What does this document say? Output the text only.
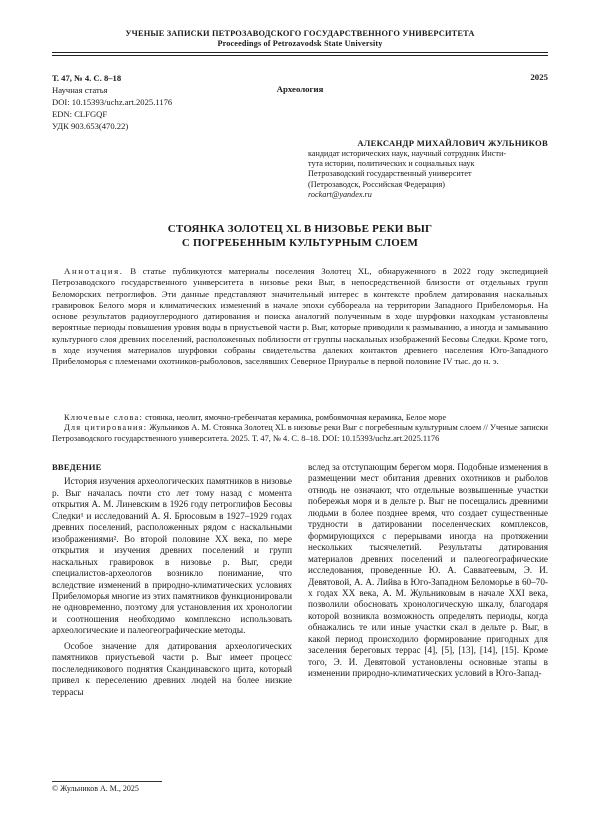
УЧЕНЫЕ ЗАПИСКИ ПЕТРОЗАВОДСКОГО ГОСУДАРСТВЕННОГО УНИВЕРСИТЕТА
Proceedings of Petrozavodsk State University
Т. 47, № 4. С. 8–18
Научная статья
DOI: 10.15393/uchz.art.2025.1176
EDN: CLFGQF
УДК 903.653(470.22)
Археология
2025
АЛЕКСАНДР МИХАЙЛОВИЧ ЖУЛЬНИКОВ
кандидат исторических наук, научный сотрудник Инсти-
тута истории, политических и социальных наук
Петрозаводский государственный университет
(Петрозаводск, Российская Федерация)
rockart@yandex.ru
СТОЯНКА ЗОЛОТЕЦ XL В НИЗОВЬЕ РЕКИ ВЫГ
С ПОГРЕБЕННЫМ КУЛЬТУРНЫМ СЛОЕМ

Аннотация. В статье публикуются материалы поселения Золотец XL, обнаруженного в 2022 году экспедицией Петрозаводского государственного университета в низовье реки Выг, в непосредственной близости от отдельных групп Беломорских петроглифов. Эти данные представляют значительный интерес в контексте проблем датирования наскальных гравировок Белого моря и климатических изменений в начале эпохи суббореала на территории Западного Прибеломорья. На основе результатов радиоуглеродного датирования и поиска аналогий полученным в ходе шурфовки находкам установлены вероятные периоды повышения уровня воды в приустьевой части р. Выг, которые приводили к размыванию, а иногда и замыванию культурного слоя древних поселений, расположенных поблизости от группы наскальных изображений Бесовы Следки. Кроме того, в ходе изучения материалов шурфовки собраны свидетельства далеких контактов древнего населения Юго-Западного Прибеломорья с племенами охотников-рыболовов, заселявших Северное Приуралье в первой половине IV тыс. до н. э.

Ключевые слова: стоянка, неолит, ямочно-гребенчатая керамика, ромбоямочная керамика, Белое море

Для цитирования: Жульников А. М. Стоянка Золотец XL в низовье реки Выг с погребенным культурным слоем // Ученые записки Петрозаводского государственного университета. 2025. Т. 47, № 4. С. 8–18. DOI: 10.15393/uchz.art.2025.1176

ВВЕДЕНИЕ

История изучения археологических памятников в низовье р. Выг началась почти сто лет тому назад с момента открытия А. М. Линевским в 1926 году петроглифов Бесовы Следки¹ и исследований А. Я. Брюсовым в 1927–1929 годах древних поселений, расположенных рядом с наскальными изображениями². Во второй половине XX века, по мере открытия и изучения древних поселений и групп наскальных гравировок в низовье р. Выг, среди специалистов-археологов возникло понимание, что вследствие изменений в природно-климатических условиях Прибеломорья многие из этих памятников функционировали не одновременно, поэтому для установления их хронологии и соотношения необходимо комплексно использовать археологические и палеогеографические методы.

Особое значение для датирования археологических памятников приустьевой части р. Выг имеет процесс послеледникового поднятия Скандинавского щита, который привел к переселению древних людей на более низкие террасы

вслед за отступающим берегом моря. Подобные изменения в размещении мест обитания древних охотников и рыболов отнюдь не означают, что отдельные возвышенные участки побережья моря и в дельте р. Выг не посещались древними людьми в более позднее время, что создает существенные трудности в датировании поселенческих комплексов, формирующихся с перерывами иногда на протяжении нескольких тысячелетий. Результаты датирования материалов древних поселений и палеогеографические исследования, проведенные Ю. А. Савватеевым, Э. И. Девятовой, А. А. Лийва в Юго-Западном Беломорье в 60–70-х годах XX века, А. М. Жульниковым в начале XXI века, позволили обосновать хронологическую шкалу, благодаря которой возникла возможность определять периоды, когда обнажались те или иные участки скал в дельте р. Выг, в какой период происходило формирование пригодных для заселения береговых террас [4], [5], [13], [14], [15]. Кроме того, Э. И. Девятовой установлены основные этапы в изменении природно-климатических условий в Юго-Запад-

© Жульников А. М., 2025
